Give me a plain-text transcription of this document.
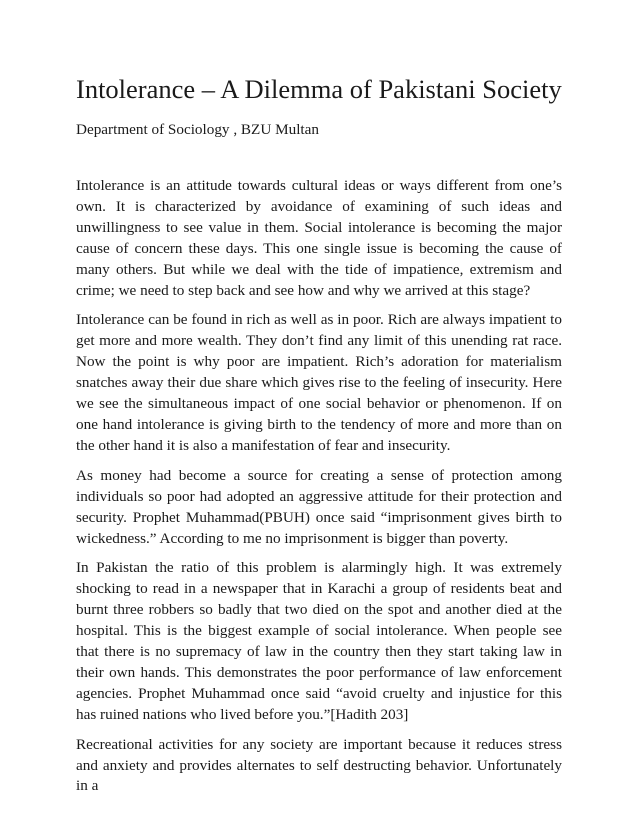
Intolerance – A Dilemma of Pakistani Society
Department of Sociology , BZU Multan

Intolerance is an attitude towards cultural ideas or ways different from one’s own. It is characterized by avoidance of examining of such ideas and unwillingness to see value in them. Social intolerance is becoming the major cause of concern these days. This one single issue is becoming the cause of many others. But while we deal with the tide of impatience, extremism and crime; we need to step back and see how and why we arrived at this stage?

Intolerance can be found in rich as well as in poor. Rich are always impatient to get more and more wealth. They don’t find any limit of this unending rat race. Now the point is why poor are impatient. Rich’s adoration for materialism snatches away their due share which gives rise to the feeling of insecurity. Here we see the simultaneous impact of one social behavior or phenomenon. If on one hand intolerance is giving birth to the tendency of more and more than on the other hand it is also a manifestation of fear and insecurity.

As money had become a source for creating a sense of protection among individuals so poor had adopted an aggressive attitude for their protection and security. Prophet Muhammad(PBUH) once said “imprisonment gives birth to wickedness.” According to me no imprisonment is bigger than poverty.

In Pakistan the ratio of this problem is alarmingly high. It was extremely shocking to read in a newspaper that in Karachi a group of residents beat and burnt three robbers so badly that two died on the spot and another died at the hospital. This is the biggest example of social intolerance. When people see that there is no supremacy of law in the country then they start taking law in their own hands. This demonstrates the poor performance of law enforcement agencies. Prophet Muhammad once said “avoid cruelty and injustice for this has ruined nations who lived before you.”[Hadith 203]

Recreational activities for any society are important because it reduces stress and anxiety and provides alternates to self destructing behavior. Unfortunately in a
